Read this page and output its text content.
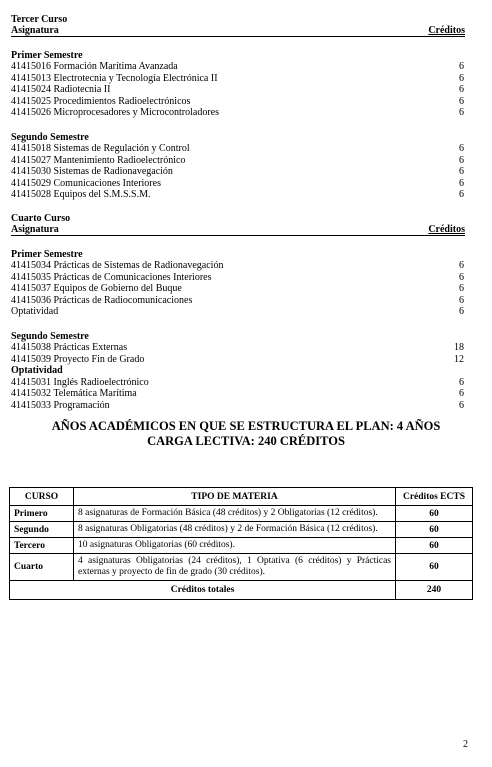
Tercer Curso
Asignatura	Créditos
Primer Semestre
41415016 Formación Marítima Avanzada	6
41415013 Electrotecnia y Tecnología Electrónica II	6
41415024 Radiotecnia II	6
41415025 Procedimientos Radioelectrónicos	6
41415026 Microprocesadores y Microcontroladores	6
Segundo Semestre
41415018 Sistemas de Regulación y Control	6
41415027 Mantenimiento Radioelectrónico	6
41415030 Sistemas de Radionavegación	6
41415029 Comunicaciones Interiores	6
41415028 Equipos del S.M.S.S.M.	6
Cuarto Curso
Asignatura	Créditos
Primer Semestre
41415034 Prácticas de Sistemas de Radionavegación	6
41415035 Prácticas de Comunicaciones Interiores	6
41415037 Equipos de Gobierno del Buque	6
41415036 Prácticas de Radiocomunicaciones	6
Optatividad	6
Segundo Semestre
41415038 Prácticas Externas	18
41415039 Proyecto Fin de Grado	12
Optatividad
41415031 Inglés Radioelectrónico	6
41415032 Telemática Marítima	6
41415033 Programación	6
AÑOS ACADÉMICOS EN QUE SE ESTRUCTURA EL PLAN: 4 AÑOS
CARGA LECTIVA: 240 CRÉDITOS
CURSO	TIPO DE MATERIA	Créditos ECTS
Primero	8 asignaturas de Formación Básica (48 créditos) y 2 Obligatorias (12 créditos).	60
Segundo	8 asignaturas Obligatorias (48 créditos) y 2 de Formación Básica (12 créditos).	60
Tercero	10 asignaturas Obligatorias (60 créditos).	60
Cuarto	4 asignaturas Obligatorias (24 créditos), 1 Optativa (6 créditos) y Prácticas externas y proyecto de fin de grado (30 créditos).	60
Créditos totales		240
2
